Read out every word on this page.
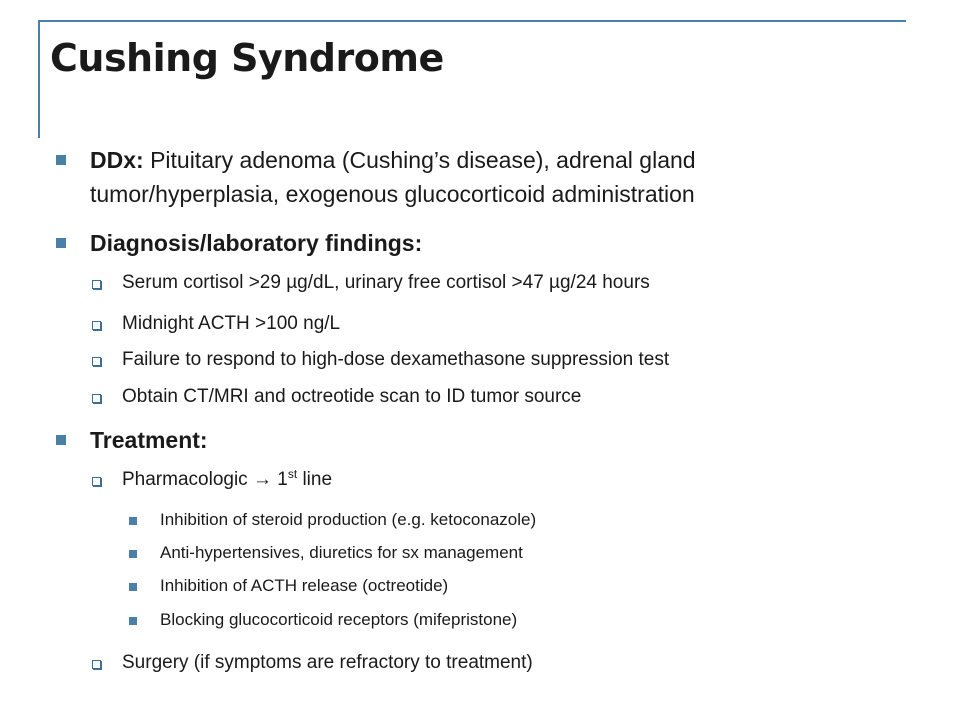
Cushing Syndrome
DDx: Pituitary adenoma (Cushing’s disease), adrenal gland
tumor/hyperplasia, exogenous glucocorticoid administration
Diagnosis/laboratory findings:
Serum cortisol >29 µg/dL, urinary free cortisol >47 µg/24 hours
Midnight ACTH >100 ng/L
Failure to respond to high-dose dexamethasone suppression test
Obtain CT/MRI and octreotide scan to ID tumor source
Treatment:
Pharmacologic → 1st line
Inhibition of steroid production (e.g. ketoconazole)
Anti-hypertensives, diuretics for sx management
Inhibition of ACTH release (octreotide)
Blocking glucocorticoid receptors (mifepristone)
Surgery (if symptoms are refractory to treatment)
